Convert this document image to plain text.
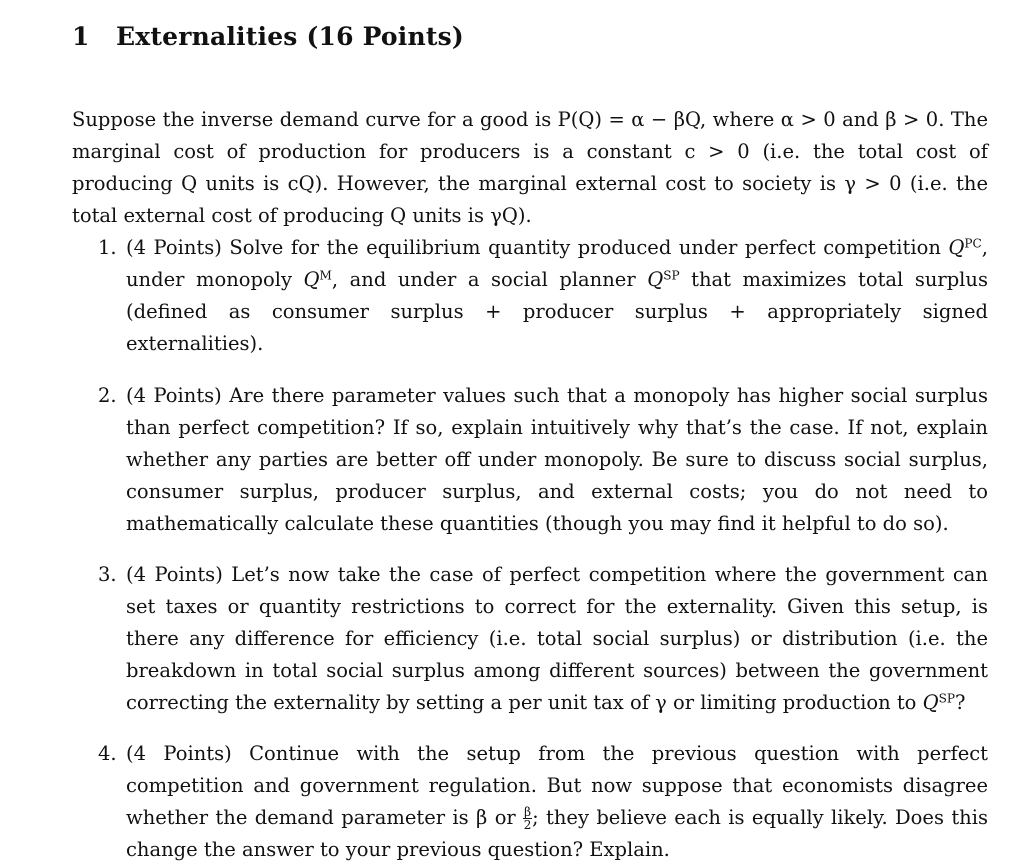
1 Externalities (16 Points)

Suppose the inverse demand curve for a good is P(Q) = α − βQ, where α > 0 and β > 0. The marginal cost of production for producers is a constant c > 0 (i.e. the total cost of producing Q units is cQ). However, the marginal external cost to society is γ > 0 (i.e. the total external cost of producing Q units is γQ).

1. (4 Points) Solve for the equilibrium quantity produced under perfect competition $Q^{PC}$, under monopoly $Q^M$, and under a social planner $Q^{SP}$ that maximizes total surplus (defined as consumer surplus + producer surplus + appropriately signed externalities).
2. (4 Points) Are there parameter values such that a monopoly has higher social surplus than perfect competition? If so, explain intuitively why that’s the case. If not, explain whether any parties are better off under monopoly. Be sure to discuss social surplus, consumer surplus, producer surplus, and external costs; you do not need to mathematically calculate these quantities (though you may find it helpful to do so).
3. (4 Points) Let’s now take the case of perfect competition where the government can set taxes or quantity restrictions to correct for the externality. Given this setup, is there any difference for efficiency (i.e. total social surplus) or distribution (i.e. the breakdown in total social surplus among different sources) between the government correcting the externality by setting a per unit tax of γ or limiting production to $Q^{SP}$?
4. (4 Points) Continue with the setup from the previous question with perfect competition and government regulation. But now suppose that economists disagree whether the demand parameter is β or $\frac{\beta}{2}$ ; they believe each is equally likely. Does this change the answer to your previous question? Explain.
